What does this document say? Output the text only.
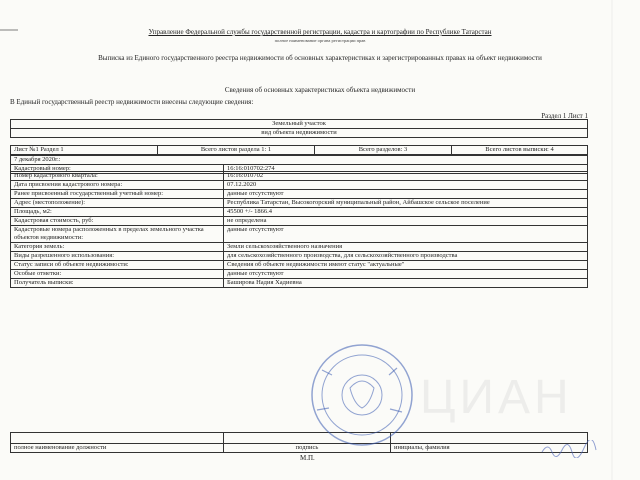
Управление Федеральной службы государственной регистрации, кадастра и картографии по Республике Татарстан
полное наименование органа регистрации прав
Выписка из Единого государственного реестра недвижимости об основных характеристиках и зарегистрированных правах на объект недвижимости
Сведения об основных характеристиках объекта недвижимости
В Единый государственный реестр недвижимости внесены следующие сведения:
Раздел 1 Лист 1
Земельный участок
вид объекта недвижимости
Лист №1 Раздел 1	Всего листов раздела 1: 1	Всего разделов: 3	Всего листов выписки: 4
7 декабря 2020г.:
Кадастровый номер:	16:16:010702:274
Номер кадастрового квартала:	16:16:010702
Дата присвоения кадастрового номера:	07.12.2020
Ранее присвоенный государственный учетный номер:	данные отсутствуют
Адрес (местоположение):	Республика Татарстан, Высокогорский муниципальный район, Айбашское сельское поселение
Площадь, м2:	45500 +/- 1866.4
Кадастровая стоимость, руб:	не определена
Кадастровые номера расположенных в пределах земельного участка объектов недвижимости:	данные отсутствуют
Категория земель:	Земли сельскохозяйственного назначения
Виды разрешенного использования:	для сельскохозяйственного производства, для сельскохозяйственного производства
Статус записи об объекте недвижимости:	Сведения об объекте недвижимости имеют статус "актуальные"
Особые отметки:	данные отсутствуют
Получатель выписки:	Баширова Надия Хадиевна

полное наименование должности	подпись	инициалы, фамилия
М.П.
ЦИАН
